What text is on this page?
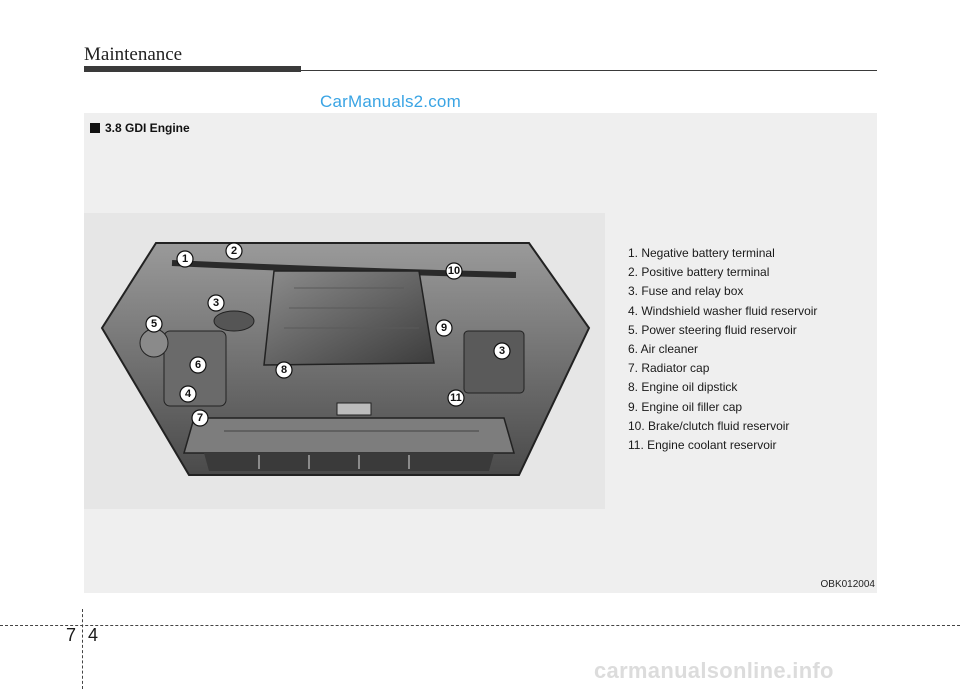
Maintenance
CarManuals2.com
3.8 GDI Engine
1
2
3
5
10
9
3
6	8
4	11
7
1. Negative battery terminal
2. Positive battery terminal
3. Fuse and relay box
4. Windshield washer fluid reservoir
5. Power steering fluid reservoir
6. Air cleaner
7. Radiator cap
8. Engine oil dipstick
9. Engine oil filler cap
10. Brake/clutch fluid reservoir
11. Engine coolant reservoir
OBK012004
7 4
carmanualsonline.info
